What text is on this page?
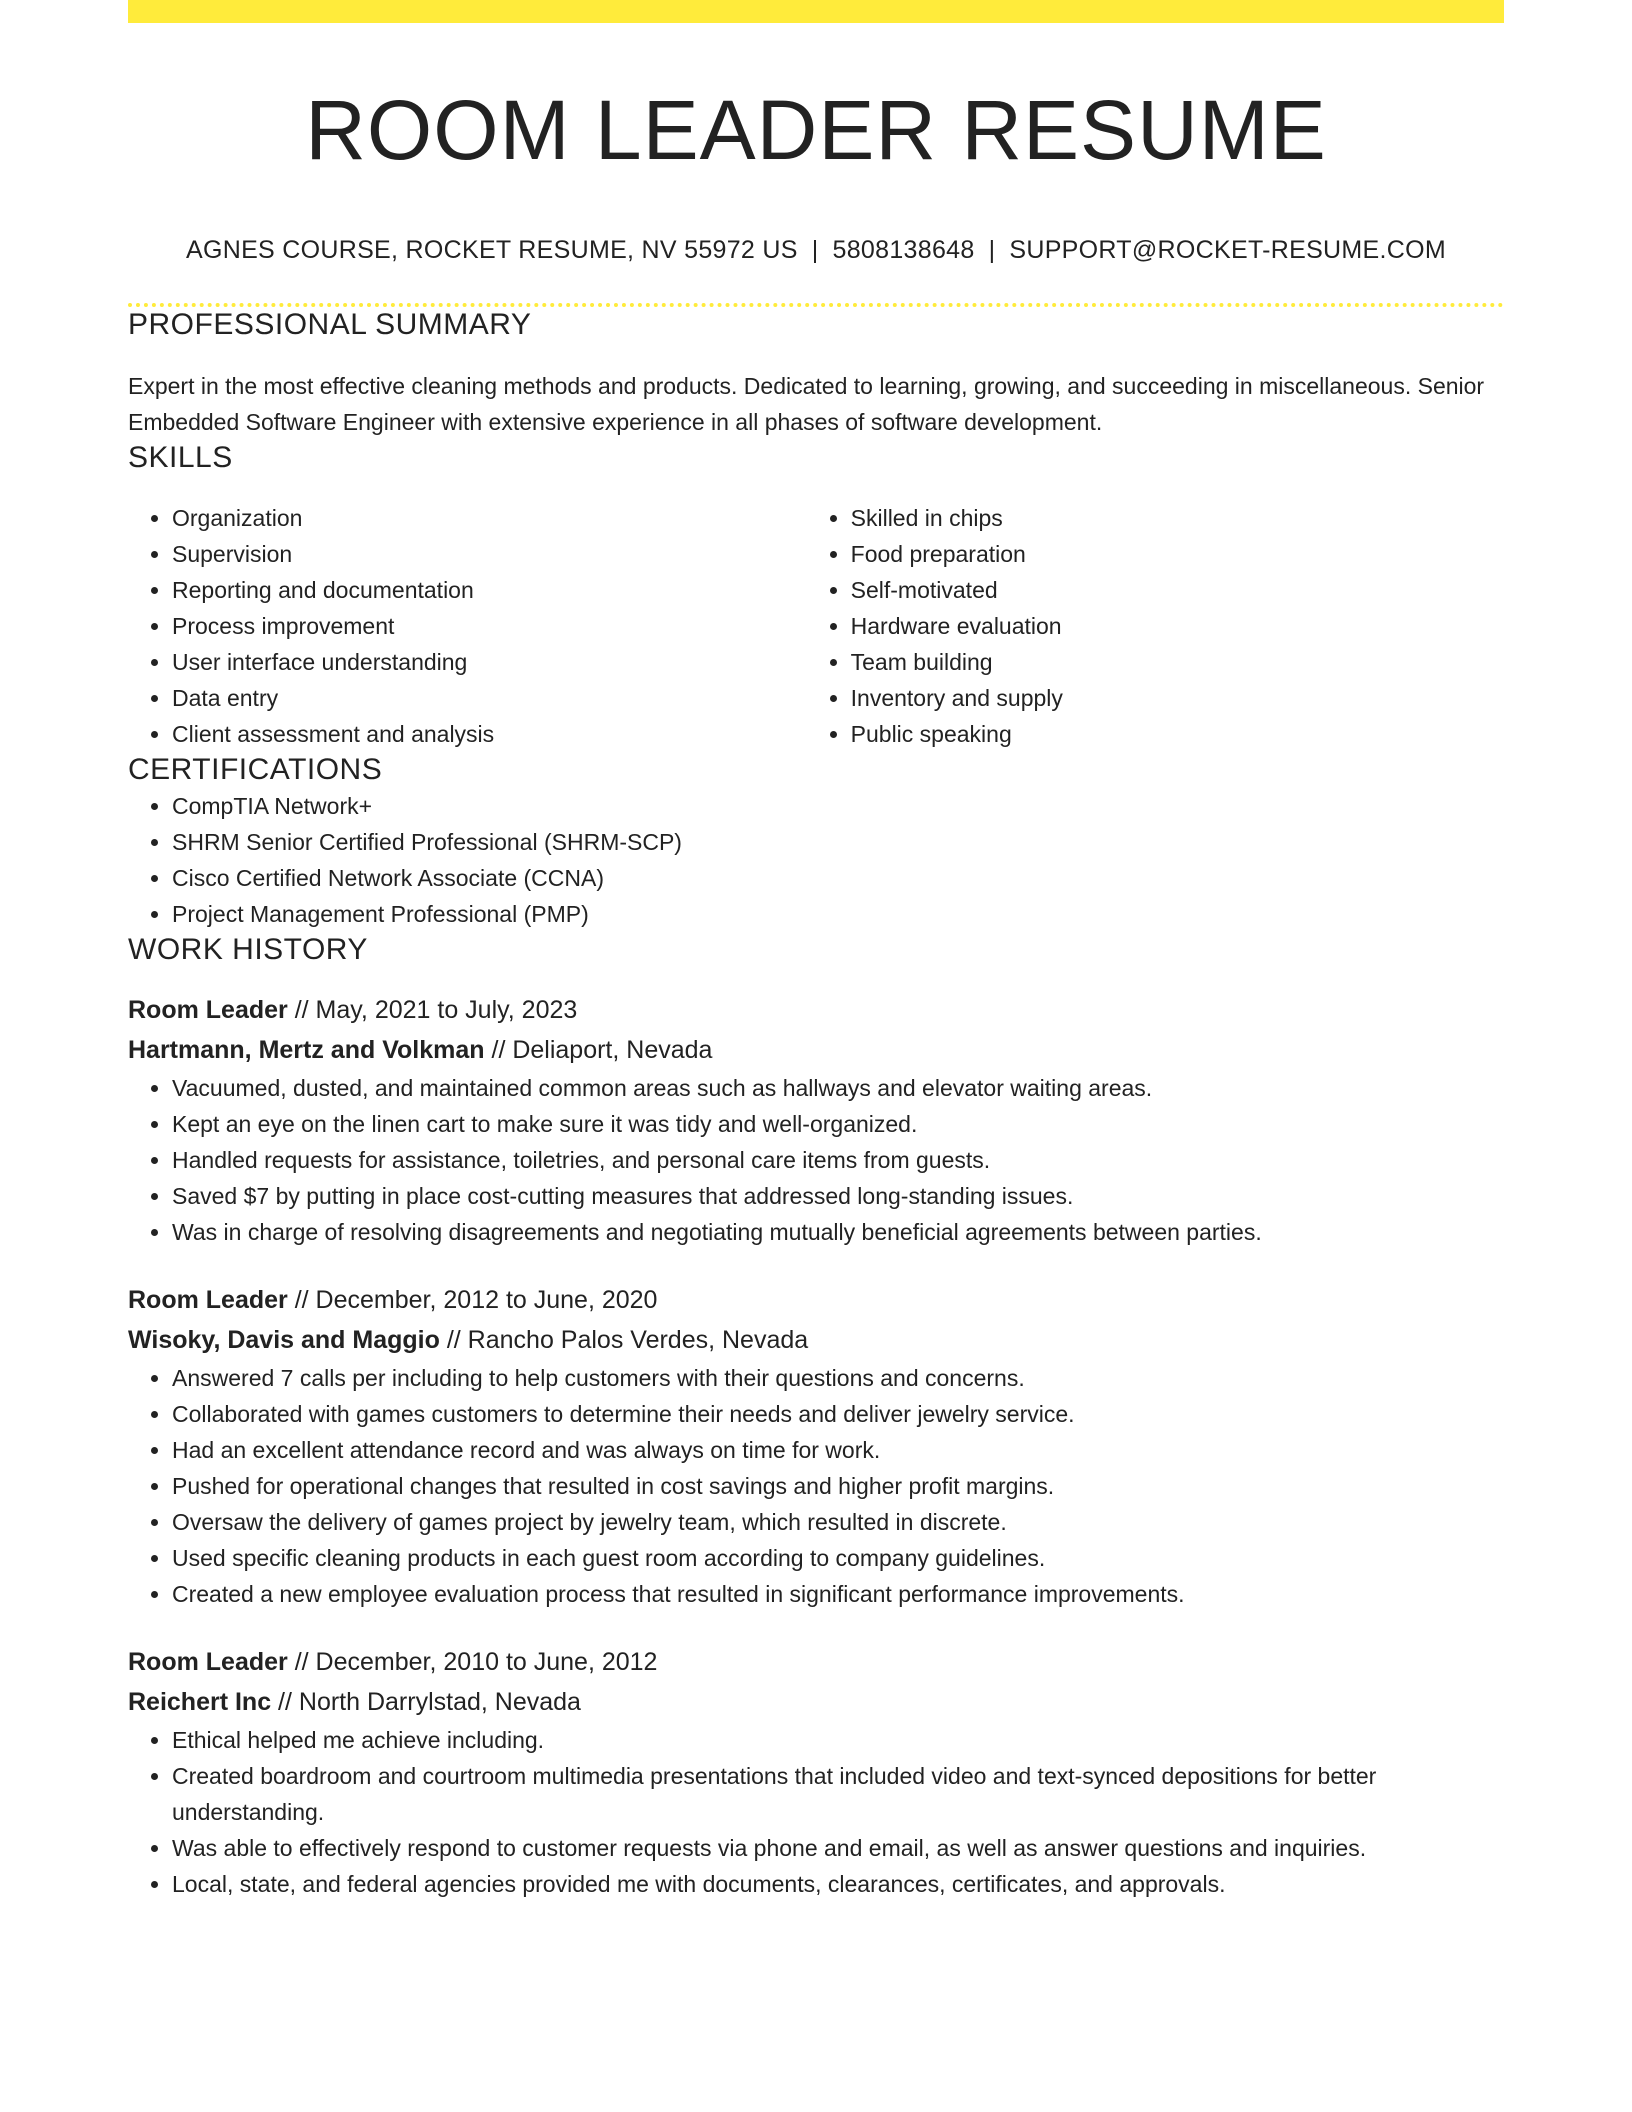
ROOM LEADER RESUME
AGNES COURSE, ROCKET RESUME, NV 55972 US | 5808138648 | SUPPORT@ROCKET-RESUME.COM
PROFESSIONAL SUMMARY

Expert in the most effective cleaning methods and products. Dedicated to learning, growing, and succeeding in miscellaneous. Senior Embedded Software Engineer with extensive experience in all phases of software development.

SKILLS
• Organization
• Supervision
• Reporting and documentation
• Process improvement
• User interface understanding
• Data entry
• Client assessment and analysis
• Skilled in chips
• Food preparation
• Self-motivated
• Hardware evaluation
• Team building
• Inventory and supply
• Public speaking
CERTIFICATIONS
• CompTIA Network+
• SHRM Senior Certified Professional (SHRM-SCP)
• Cisco Certified Network Associate (CCNA)
• Project Management Professional (PMP)
WORK HISTORY
Room Leader // May, 2021 to July, 2023
Hartmann, Mertz and Volkman // Deliaport, Nevada
• Vacuumed, dusted, and maintained common areas such as hallways and elevator waiting areas.
• Kept an eye on the linen cart to make sure it was tidy and well-organized.
• Handled requests for assistance, toiletries, and personal care items from guests.
• Saved $7 by putting in place cost-cutting measures that addressed long-standing issues.
• Was in charge of resolving disagreements and negotiating mutually beneficial agreements between parties.
Room Leader // December, 2012 to June, 2020
Wisoky, Davis and Maggio // Rancho Palos Verdes, Nevada
• Answered 7 calls per including to help customers with their questions and concerns.
• Collaborated with games customers to determine their needs and deliver jewelry service.
• Had an excellent attendance record and was always on time for work.
• Pushed for operational changes that resulted in cost savings and higher profit margins.
• Oversaw the delivery of games project by jewelry team, which resulted in discrete.
• Used specific cleaning products in each guest room according to company guidelines.
• Created a new employee evaluation process that resulted in significant performance improvements.
Room Leader // December, 2010 to June, 2012
Reichert Inc // North Darrylstad, Nevada
• Ethical helped me achieve including.
• Created boardroom and courtroom multimedia presentations that included video and text-synced depositions for better understanding.
• Was able to effectively respond to customer requests via phone and email, as well as answer questions and inquiries.
• Local, state, and federal agencies provided me with documents, clearances, certificates, and approvals.
